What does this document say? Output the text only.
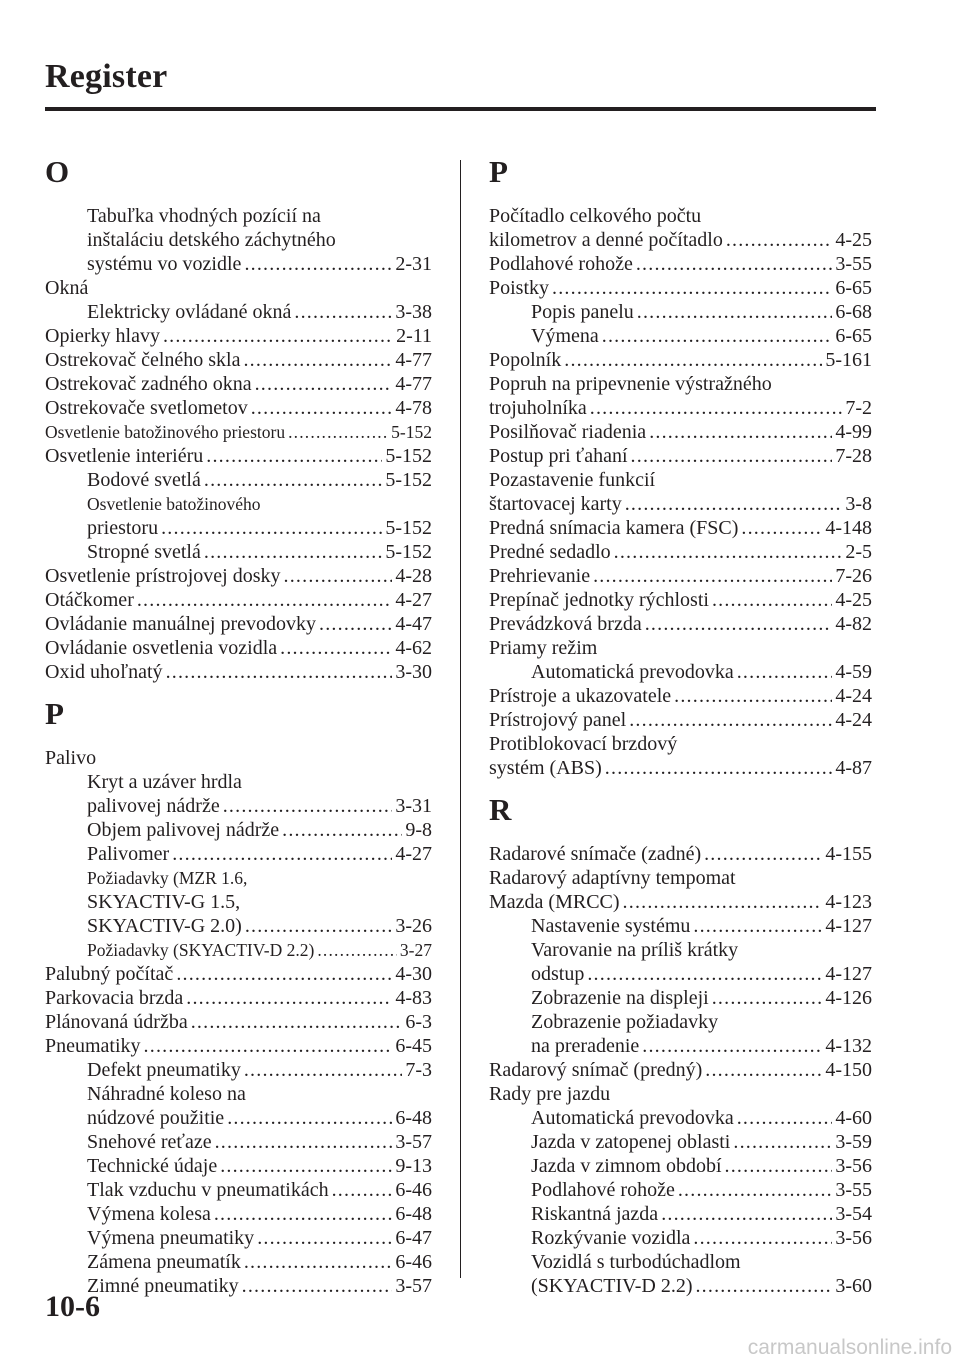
Register
O
Tabuľka vhodných pozícií na
inštaláciu detského záchytného
systému vo vozidle .....	2-31
Okná
Elektricky ovládané okná .....	3-38
Opierky hlavy .....	2-11
Ostrekovač čelného skla .....	4-77
Ostrekovač zadného okna .....	4-77
Ostrekovače svetlometov .....	4-78
Osvetlenie batožinového priestoru .....	5-152
Osvetlenie interiéru .....	5-152
Bodové svetlá .....	5-152
Osvetlenie batožinového
priestoru .....	5-152
Stropné svetlá .....	5-152
Osvetlenie prístrojovej dosky .....	4-28
Otáčkomer .....	4-27
Ovládanie manuálnej prevodovky .....	4-47
Ovládanie osvetlenia vozidla .....	4-62
Oxid uhoľnatý .....	3-30
P
Palivo
Kryt a uzáver hrdla
palivovej nádrže .....	3-31
Objem palivovej nádrže .....	9-8
Palivomer .....	4-27
Požiadavky (MZR 1.6,
SKYACTIV-G 1.5,
SKYACTIV-G 2.0) .....	3-26
Požiadavky (SKYACTIV-D 2.2) .....	3-27
Palubný počítač .....	4-30
Parkovacia brzda .....	4-83
Plánovaná údržba .....	6-3
Pneumatiky .....	6-45
Defekt pneumatiky .....	7-3
Náhradné koleso na
núdzové použitie .....	6-48
Snehové reťaze .....	3-57
Technické údaje .....	9-13
Tlak vzduchu v pneumatikách .....	6-46
Výmena kolesa .....	6-48
Výmena pneumatiky .....	6-47
Zámena pneumatík .....	6-46
Zimné pneumatiky .....	3-57
P
Počítadlo celkového počtu
kilometrov a denné počítadlo .....	4-25
Podlahové rohože .....	3-55
Poistky .....	6-65
Popis panelu .....	6-68
Výmena .....	6-65
Popolník .....	5-161
Popruh na pripevnenie výstražného
trojuholníka .....	7-2
Posilňovač riadenia .....	4-99
Postup pri ťahaní .....	7-28
Pozastavenie funkcií
štartovacej karty .....	3-8
Predná snímacia kamera (FSC) .....	4-148
Predné sedadlo .....	2-5
Prehrievanie .....	7-26
Prepínač jednotky rýchlosti .....	4-25
Prevádzková brzda .....	4-82
Priamy režim
Automatická prevodovka .....	4-59
Prístroje a ukazovatele .....	4-24
Prístrojový panel .....	4-24
Protiblokovací brzdový
systém (ABS) .....	4-87
R
Radarové snímače (zadné) .....	4-155
Radarový adaptívny tempomat
Mazda (MRCC) .....	4-123
Nastavenie systému .....	4-127
Varovanie na príliš krátky
odstup .....	4-127
Zobrazenie na displeji .....	4-126
Zobrazenie požiadavky
na preradenie .....	4-132
Radarový snímač (predný) .....	4-150
Rady pre jazdu
Automatická prevodovka .....	4-60
Jazda v zatopenej oblasti .....	3-59
Jazda v zimnom období .....	3-56
Podlahové rohože .....	3-55
Riskantná jazda .....	3-54
Rozkývanie vozidla .....	3-56
Vozidlá s turbodúchadlom
(SKYACTIV-D 2.2) .....	3-60
10-6
carmanualsonline.info
